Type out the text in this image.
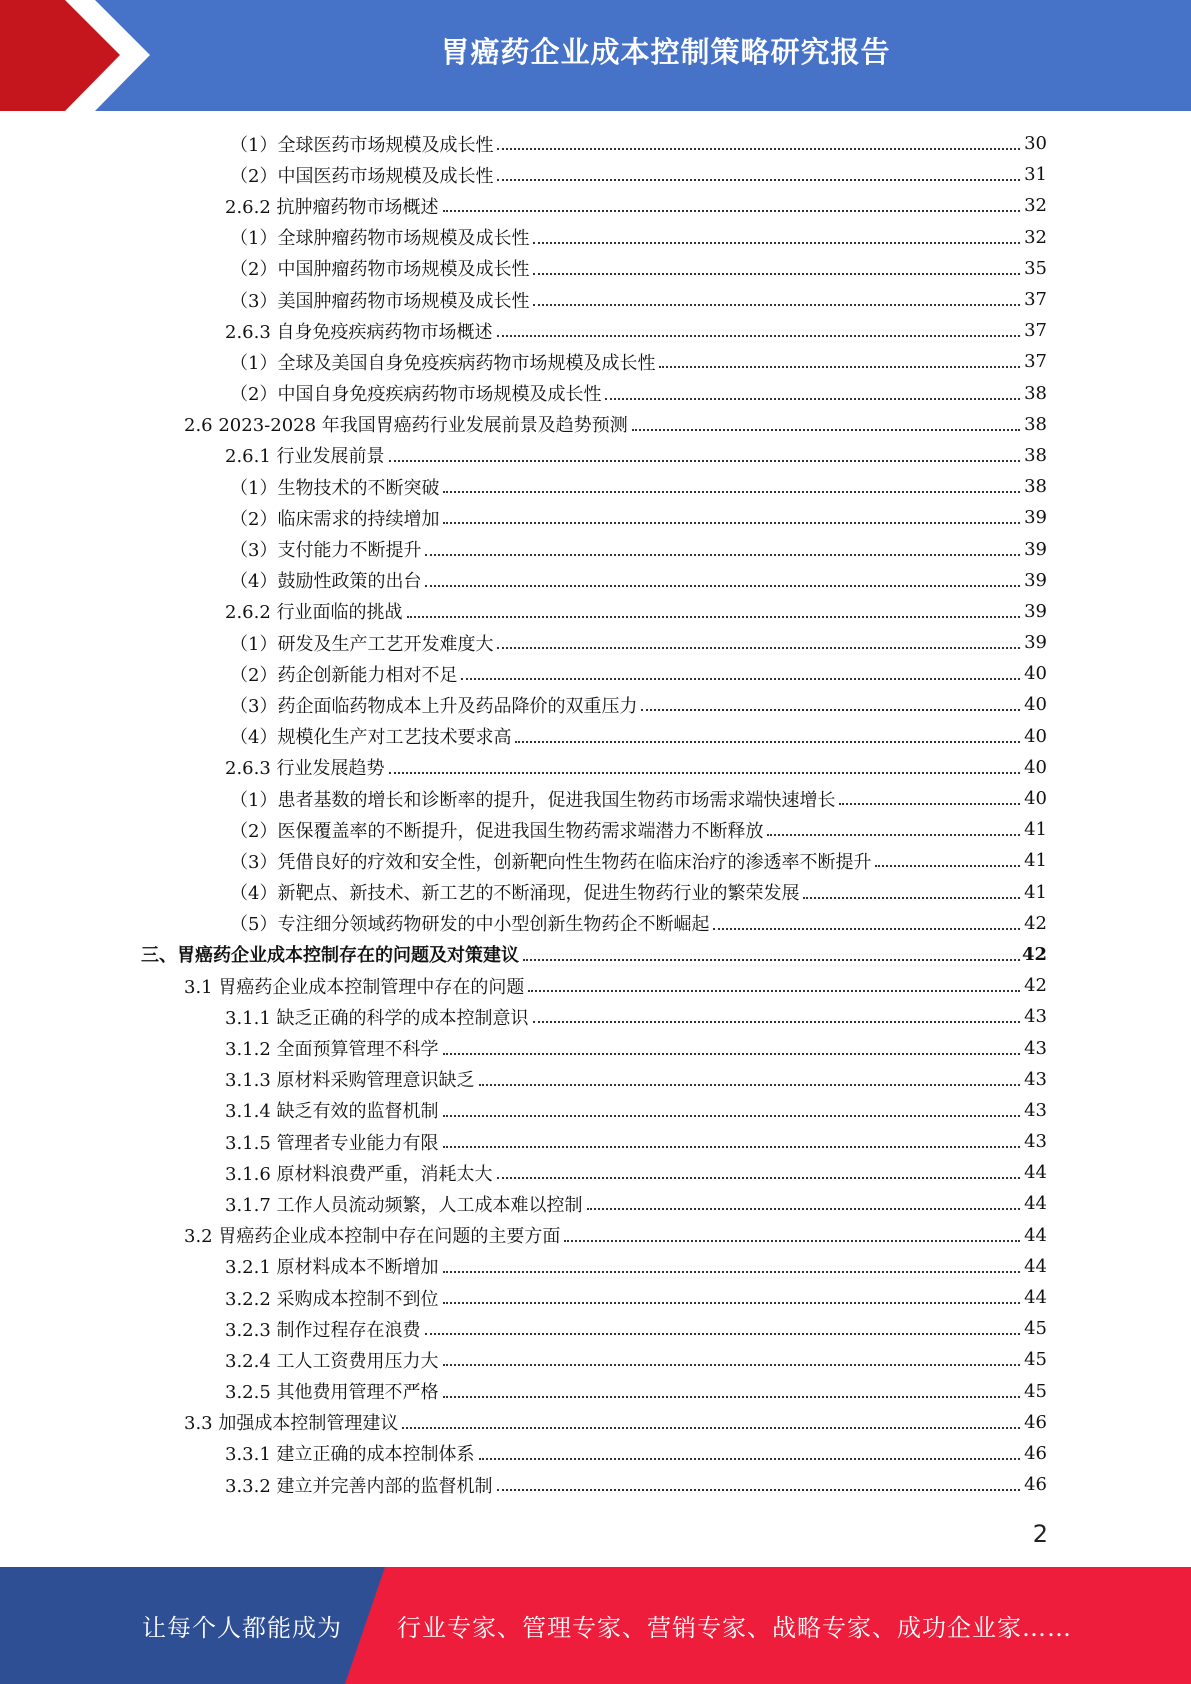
胃癌药企业成本控制策略研究报告
（1）全球医药市场规模及成长性	30
（2）中国医药市场规模及成长性	31
2.6.2 抗肿瘤药物市场概述	32
（1）全球肿瘤药物市场规模及成长性	32
（2）中国肿瘤药物市场规模及成长性	35
（3）美国肿瘤药物市场规模及成长性	37
2.6.3 自身免疫疾病药物市场概述	37
（1）全球及美国自身免疫疾病药物市场规模及成长性	37
（2）中国自身免疫疾病药物市场规模及成长性	38
2.6 2023-2028 年我国胃癌药行业发展前景及趋势预测	38
2.6.1 行业发展前景	38
（1）生物技术的不断突破	38
（2）临床需求的持续增加	39
（3）支付能力不断提升	39
（4）鼓励性政策的出台	39
2.6.2 行业面临的挑战	39
（1）研发及生产工艺开发难度大	39
（2）药企创新能力相对不足	40
（3）药企面临药物成本上升及药品降价的双重压力	40
（4）规模化生产对工艺技术要求高	40
2.6.3 行业发展趋势	40
（1）患者基数的增长和诊断率的提升，促进我国生物药市场需求端快速增长	40
（2）医保覆盖率的不断提升，促进我国生物药需求端潜力不断释放	41
（3）凭借良好的疗效和安全性，创新靶向性生物药在临床治疗的渗透率不断提升	41
（4）新靶点、新技术、新工艺的不断涌现，促进生物药行业的繁荣发展	41
（5）专注细分领域药物研发的中小型创新生物药企不断崛起	42
三、胃癌药企业成本控制存在的问题及对策建议	42
3.1 胃癌药企业成本控制管理中存在的问题	42
3.1.1 缺乏正确的科学的成本控制意识	43
3.1.2 全面预算管理不科学	43
3.1.3 原材料采购管理意识缺乏	43
3.1.4 缺乏有效的监督机制	43
3.1.5 管理者专业能力有限	43
3.1.6 原材料浪费严重，消耗太大	44
3.1.7 工作人员流动频繁，人工成本难以控制	44
3.2 胃癌药企业成本控制中存在问题的主要方面	44
3.2.1 原材料成本不断增加	44
3.2.2 采购成本控制不到位	44
3.2.3 制作过程存在浪费	45
3.2.4 工人工资费用压力大	45
3.2.5 其他费用管理不严格	45
3.3 加强成本控制管理建议	46
3.3.1 建立正确的成本控制体系	46
3.3.2 建立并完善内部的监督机制	46
2
让每个人都能成为 行业专家、管理专家、营销专家、战略专家、成功企业家……
